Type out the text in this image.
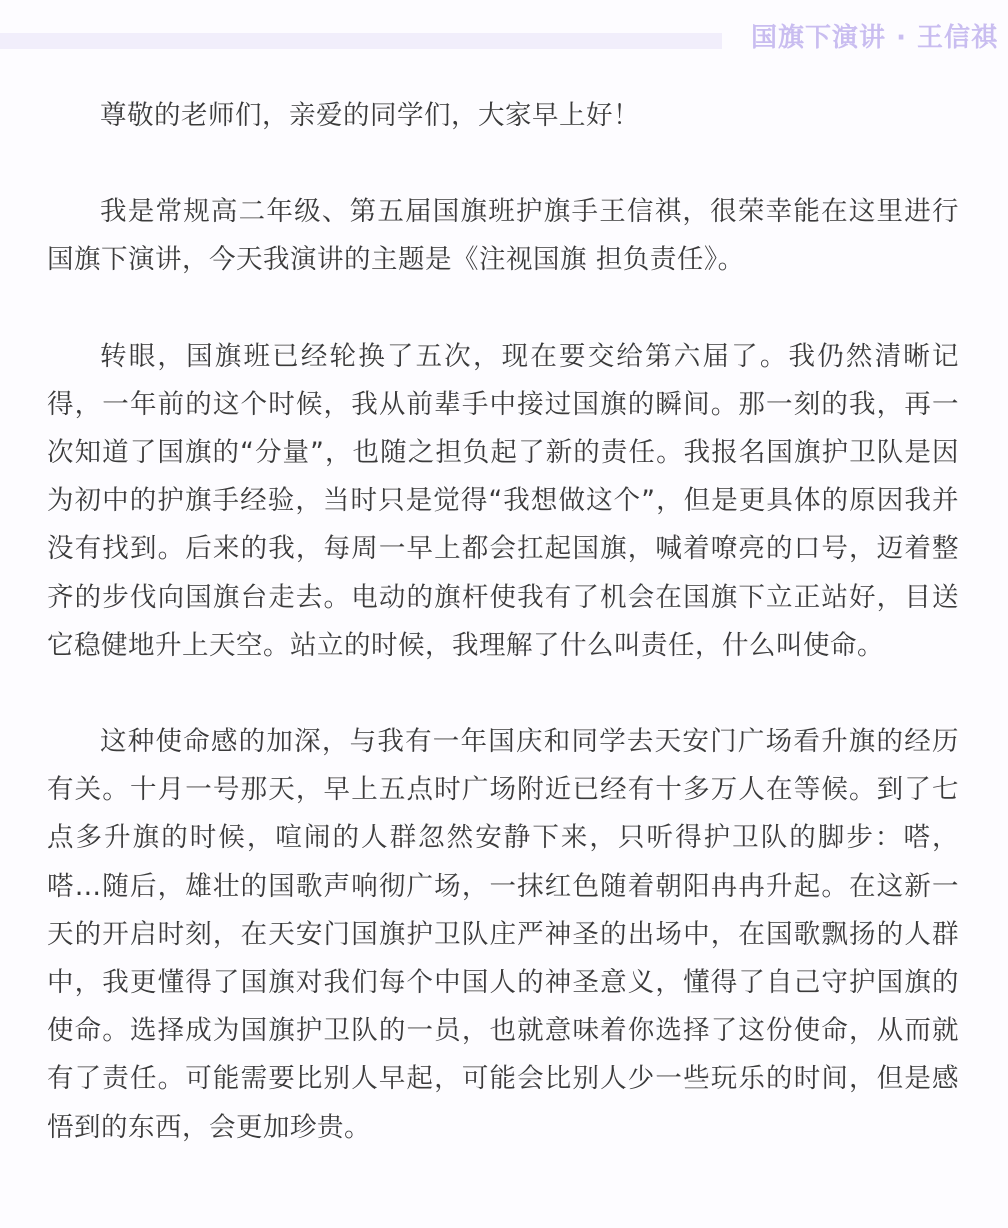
国旗下演讲 · 王信祺

尊敬的老师们，亲爱的同学们，大家早上好！

我是常规高二年级、第五届国旗班护旗手王信祺，很荣幸能在这里进行国旗下演讲，今天我演讲的主题是《注视国旗 担负责任》。

转眼，国旗班已经轮换了五次，现在要交给第六届了。我仍然清晰记得，一年前的这个时候，我从前辈手中接过国旗的瞬间。那一刻的我，再一次知道了国旗的“分量”，也随之担负起了新的责任。我报名国旗护卫队是因为初中的护旗手经验，当时只是觉得“我想做这个”，但是更具体的原因我并没有找到。后来的我，每周一早上都会扛起国旗，喊着嘹亮的口号，迈着整齐的步伐向国旗台走去。电动的旗杆使我有了机会在国旗下立正站好，目送它稳健地升上天空。站立的时候，我理解了什么叫责任，什么叫使命。

这种使命感的加深，与我有一年国庆和同学去天安门广场看升旗的经历有关。十月一号那天，早上五点时广场附近已经有十多万人在等候。到了七点多升旗的时候，喧闹的人群忽然安静下来，只听得护卫队的脚步：嗒，嗒…随后，雄壮的国歌声响彻广场，一抹红色随着朝阳冉冉升起。在这新一天的开启时刻，在天安门国旗护卫队庄严神圣的出场中，在国歌飘扬的人群中，我更懂得了国旗对我们每个中国人的神圣意义，懂得了自己守护国旗的使命。选择成为国旗护卫队的一员，也就意味着你选择了这份使命，从而就有了责任。可能需要比别人早起，可能会比别人少一些玩乐的时间，但是感悟到的东西，会更加珍贵。
